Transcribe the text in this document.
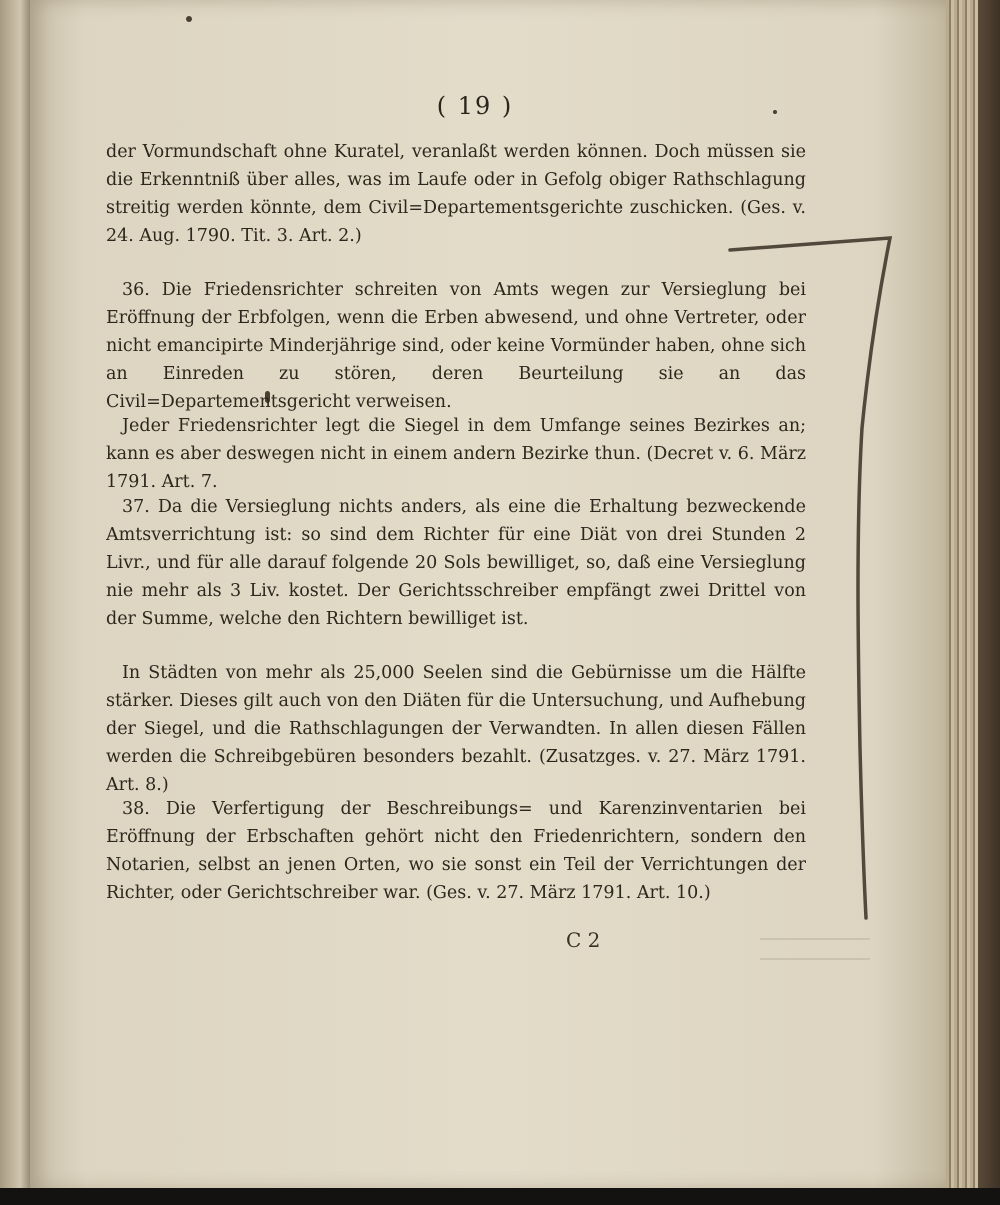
( 19 )

der Vormundschaft ohne Kuratel, veranlaßt werden können. Doch müssen sie die Erkenntniß über alles, was im Laufe oder in Gefolg obiger Rathschlagung streitig werden könnte, dem Civil=Departementsgerichte zuschicken. (Ges. v. 24. Aug. 1790. Tit. 3. Art. 2.)

36. Die Friedensrichter schreiten von Amts wegen zur Versieglung bei Eröffnung der Erbfolgen, wenn die Erben abwesend, und ohne Vertreter, oder nicht emancipirte Minderjährige sind, oder keine Vormünder haben, ohne sich an Einreden zu stören, deren Beurteilung sie an das Civil=Departementsgericht verweisen.

Jeder Friedensrichter legt die Siegel in dem Umfange seines Bezirkes an; kann es aber deswegen nicht in einem andern Bezirke thun. (Decret v. 6. März 1791. Art. 7.

37. Da die Versieglung nichts anders, als eine die Erhaltung bezweckende Amtsverrichtung ist: so sind dem Richter für eine Diät von drei Stunden 2 Livr., und für alle darauf folgende 20 Sols bewilliget, so, daß eine Versieglung nie mehr als 3 Liv. kostet. Der Gerichtsschreiber empfängt zwei Drittel von der Summe, welche den Richtern bewilliget ist.

In Städten von mehr als 25,000 Seelen sind die Gebürnisse um die Hälfte stärker. Dieses gilt auch von den Diäten für die Untersuchung, und Aufhebung der Siegel, und die Rathschlagungen der Verwandten. In allen diesen Fällen werden die Schreibgebüren besonders bezahlt. (Zusatzges. v. 27. März 1791. Art. 8.)

38. Die Verfertigung der Beschreibungs= und Karenzinventarien bei Eröffnung der Erbschaften gehört nicht den Friedenrichtern, sondern den Notarien, selbst an jenen Orten, wo sie sonst ein Teil der Verrichtungen der Richter, oder Gerichtschreiber war. (Ges. v. 27. März 1791. Art. 10.)

C 2
